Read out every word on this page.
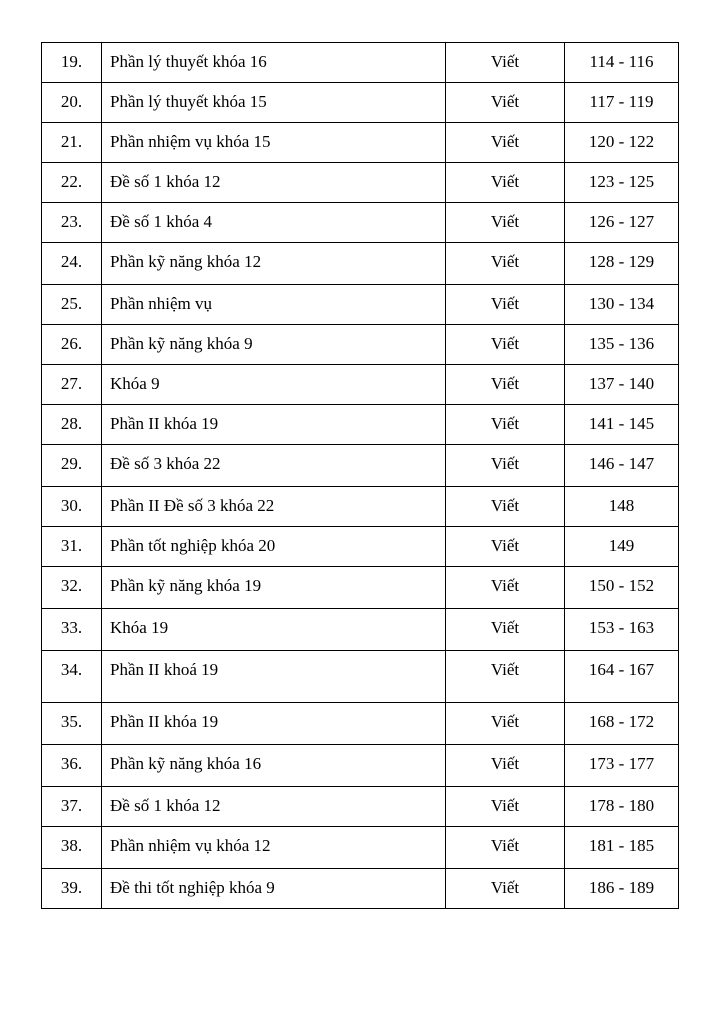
19.	Phần lý thuyết khóa 16	Viết	114 - 116

20.	Phần lý thuyết khóa 15	Viết	117 - 119

21.	Phần nhiệm vụ khóa 15	Viết	120 - 122

22.	Đề số 1 khóa 12	Viết	123 - 125

23.	Đề số 1 khóa 4	Viết	126 - 127

24.	Phần kỹ năng khóa 12	Viết	128 - 129

25.	Phần nhiệm vụ	Viết	130 - 134

26.	Phần kỹ năng khóa 9	Viết	135 - 136

27.	Khóa 9	Viết	137 - 140

28.	Phần II khóa 19	Viết	141 - 145

29.	Đề số 3 khóa 22	Viết	146 - 147

30.	Phần II Đề số 3 khóa 22	Viết	148

31.	Phần tốt nghiệp khóa 20	Viết	149

32.	Phần kỹ năng khóa 19	Viết	150 - 152

33.	Khóa 19	Viết	153 - 163

34.	Phần II khoá 19	Viết	164 - 167

35.	Phần II khóa 19	Viết	168 - 172

36.	Phần kỹ năng khóa 16	Viết	173 - 177

37.	Đề số 1 khóa 12	Viết	178 - 180

38.	Phần nhiệm vụ khóa 12	Viết	181 - 185

39.	Đề thi tốt nghiệp khóa 9	Viết	186 - 189
